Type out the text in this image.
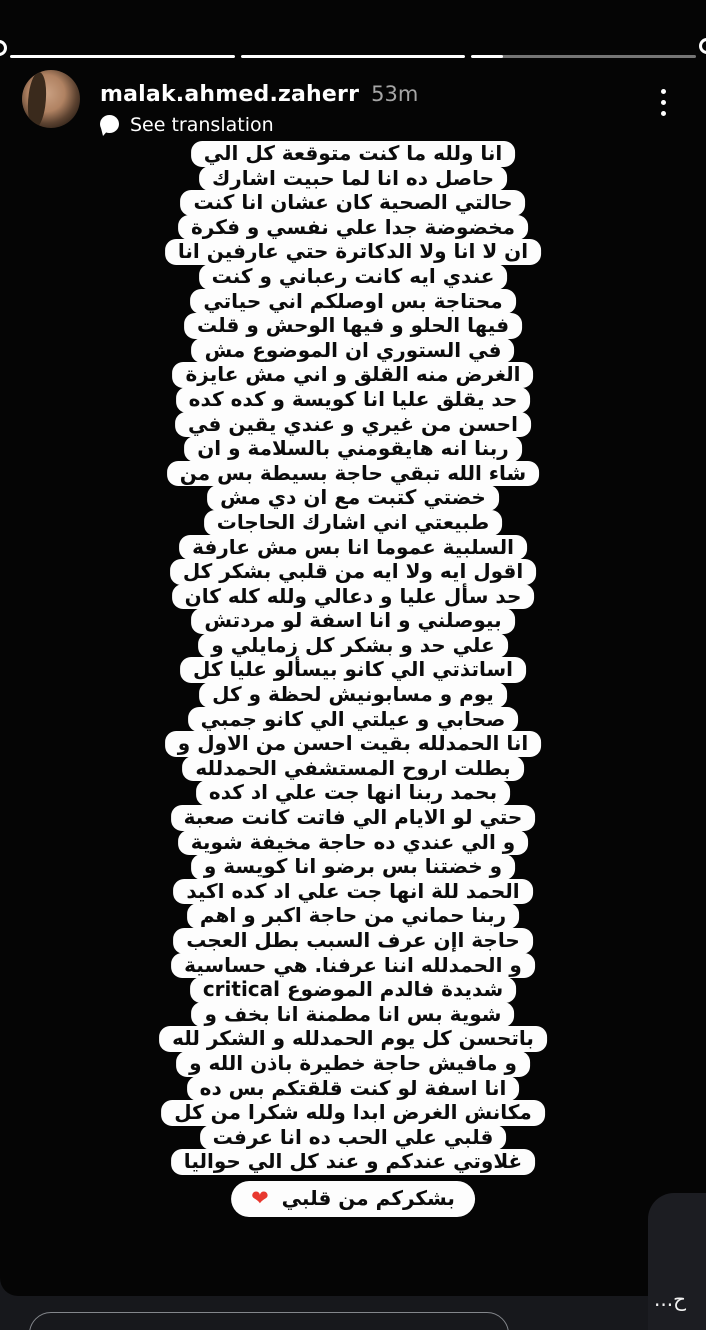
malak.ahmed.zaherr 53m
See translation
انا ولله ما كنت متوقعة كل الي
حاصل ده انا لما حبيت اشارك
حالتي الصحية كان عشان انا كنت
مخضوضة جدا علي نفسي و فكرة
ان لا انا ولا الدكاترة حتي عارفين انا
عندي ايه كانت رعباني و كنت
محتاجة بس اوصلكم اني حياتي
فيها الحلو و فيها الوحش و قلت
في الستوري ان الموضوع مش
الغرض منه القلق و اني مش عايزة
حد يقلق عليا انا كويسة و كده كده
احسن من غيري و عندي يقين في
ربنا انه هايقومني بالسلامة و ان
شاء الله تبقي حاجة بسيطة بس من
خضتي كتبت مع ان دي مش
طبيعتي اني اشارك الحاجات
السلبية عموما انا بس مش عارفة
اقول ايه ولا ايه من قلبي بشكر كل
حد سأل عليا و دعالي ولله كله كان
بيوصلني و انا اسفة لو مردتش
علي حد و بشكر كل زمايلي و
اساتذتي الي كانو بيسألو عليا كل
يوم و مسابونيش لحظة و كل
صحابي و عيلتي الي كانو جمبي
انا الحمدلله بقيت احسن من الاول و
بطلت اروح المستشفي الحمدلله
بحمد ربنا انها جت علي اد كده
حتي لو الايام الي فاتت كانت صعبة
و الي عندي ده حاجة مخيفة شوية
و خضتنا بس برضو انا كويسة و
الحمد للة انها جت علي اد كده اكيد
ربنا حماني من حاجة اكبر و اهم
حاجة اإن عرف السبب بطل العجب
و الحمدلله اننا عرفنا. هي حساسية
شديدة فالدم الموضوع critical
شوية بس انا مطمنة انا بخف و
باتحسن كل يوم الحمدلله و الشكر لله
و مافيش حاجة خطيرة باذن الله و
انا اسفة لو كنت قلقتكم بس ده
مكانش الغرض ابدا ولله شكرا من كل
قلبي علي الحب ده انا عرفت
غلاوتي عندكم و عند كل الي حواليا
بشكركم من قلبي ❤
ح...
